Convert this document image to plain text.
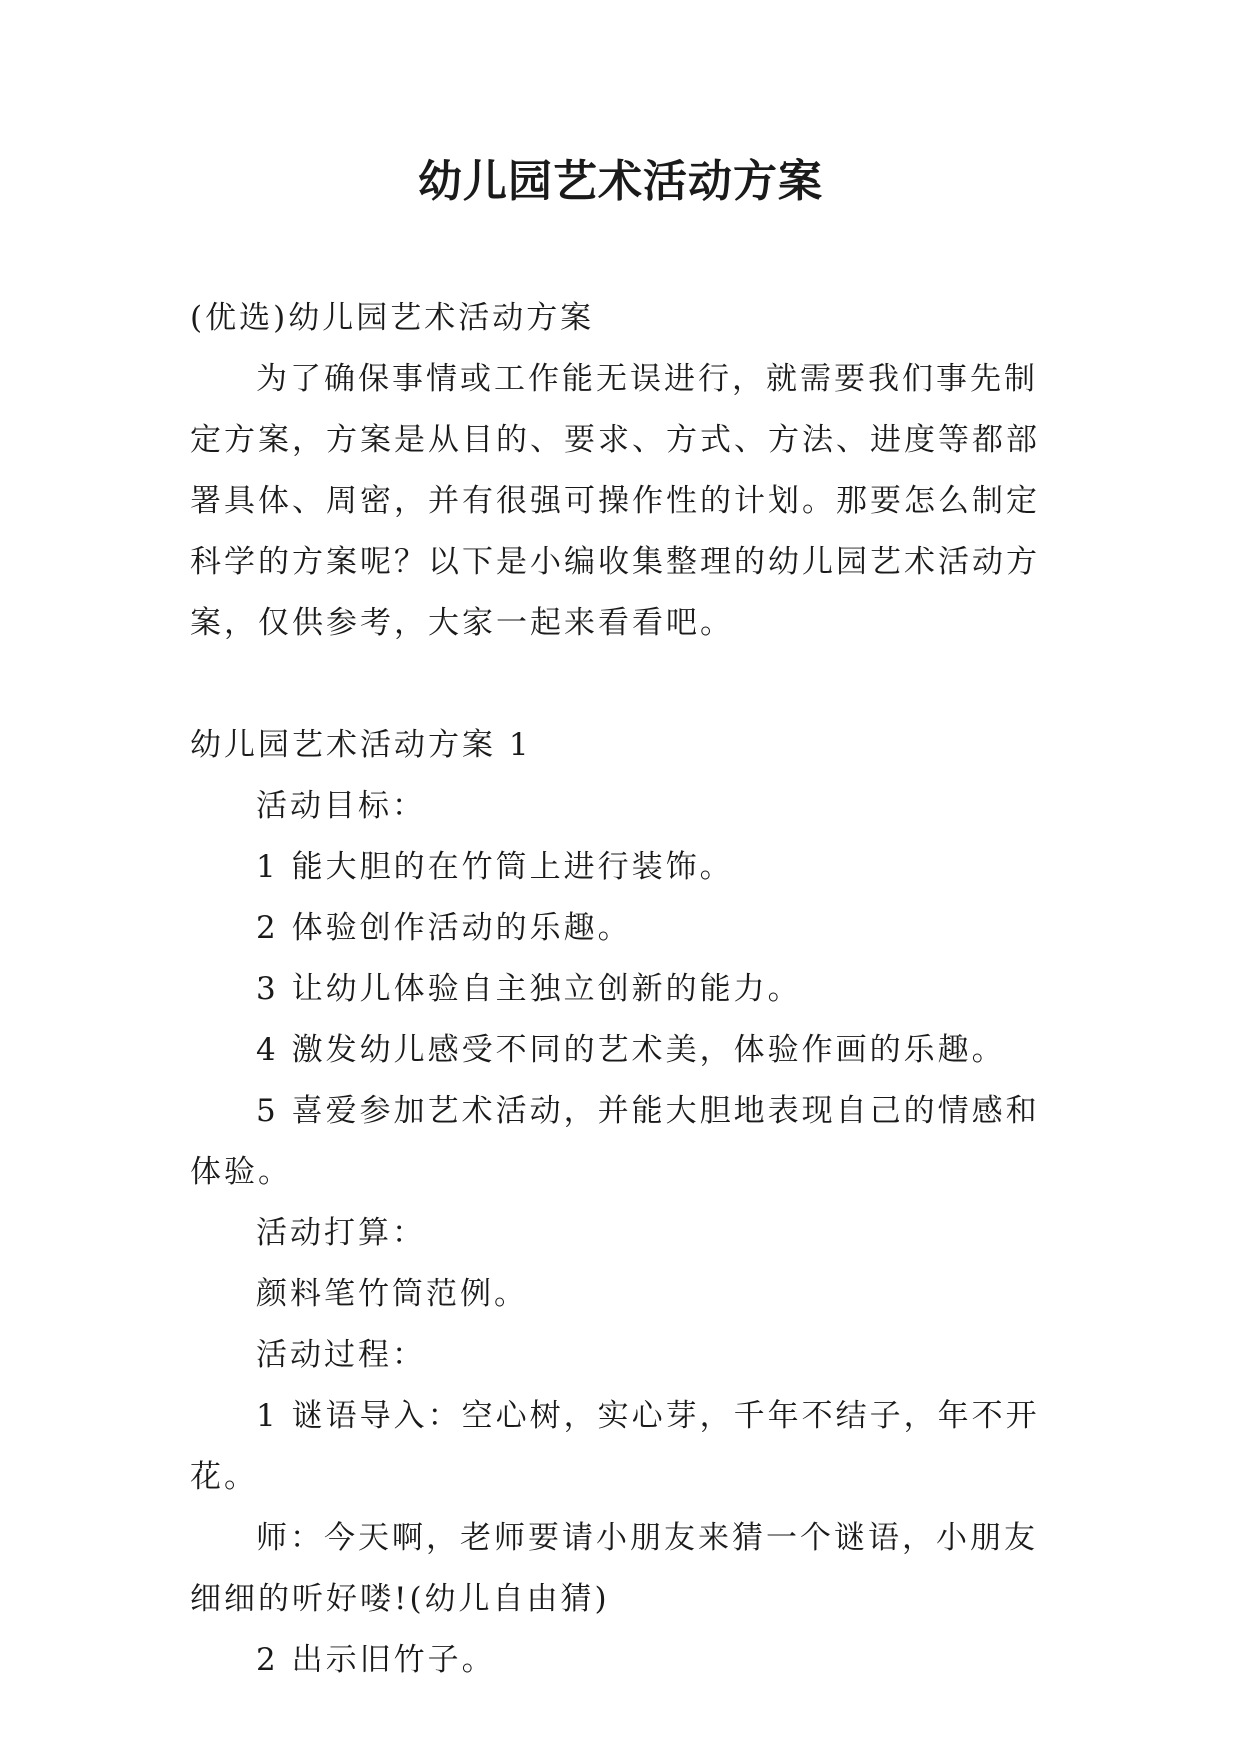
幼儿园艺术活动方案

(优选)幼儿园艺术活动方案

为了确保事情或工作能无误进行，就需要我们事先制定方案，方案是从目的、要求、方式、方法、进度等都部署具体、周密，并有很强可操作性的计划。那要怎么制定科学的方案呢？以下是小编收集整理的幼儿园艺术活动方案，仅供参考，大家一起来看看吧。

幼儿园艺术活动方案 1

活动目标：

1 能大胆的在竹筒上进行装饰。

2 体验创作活动的乐趣。

3 让幼儿体验自主独立创新的能力。

4 激发幼儿感受不同的艺术美，体验作画的乐趣。

5 喜爱参加艺术活动，并能大胆地表现自己的情感和体验。

活动打算：

颜料笔竹筒范例。

活动过程：

1 谜语导入：空心树，实心芽，千年不结子，年不开花。

师：今天啊，老师要请小朋友来猜一个谜语，小朋友细细的听好喽!(幼儿自由猜)

2 出示旧竹子。
